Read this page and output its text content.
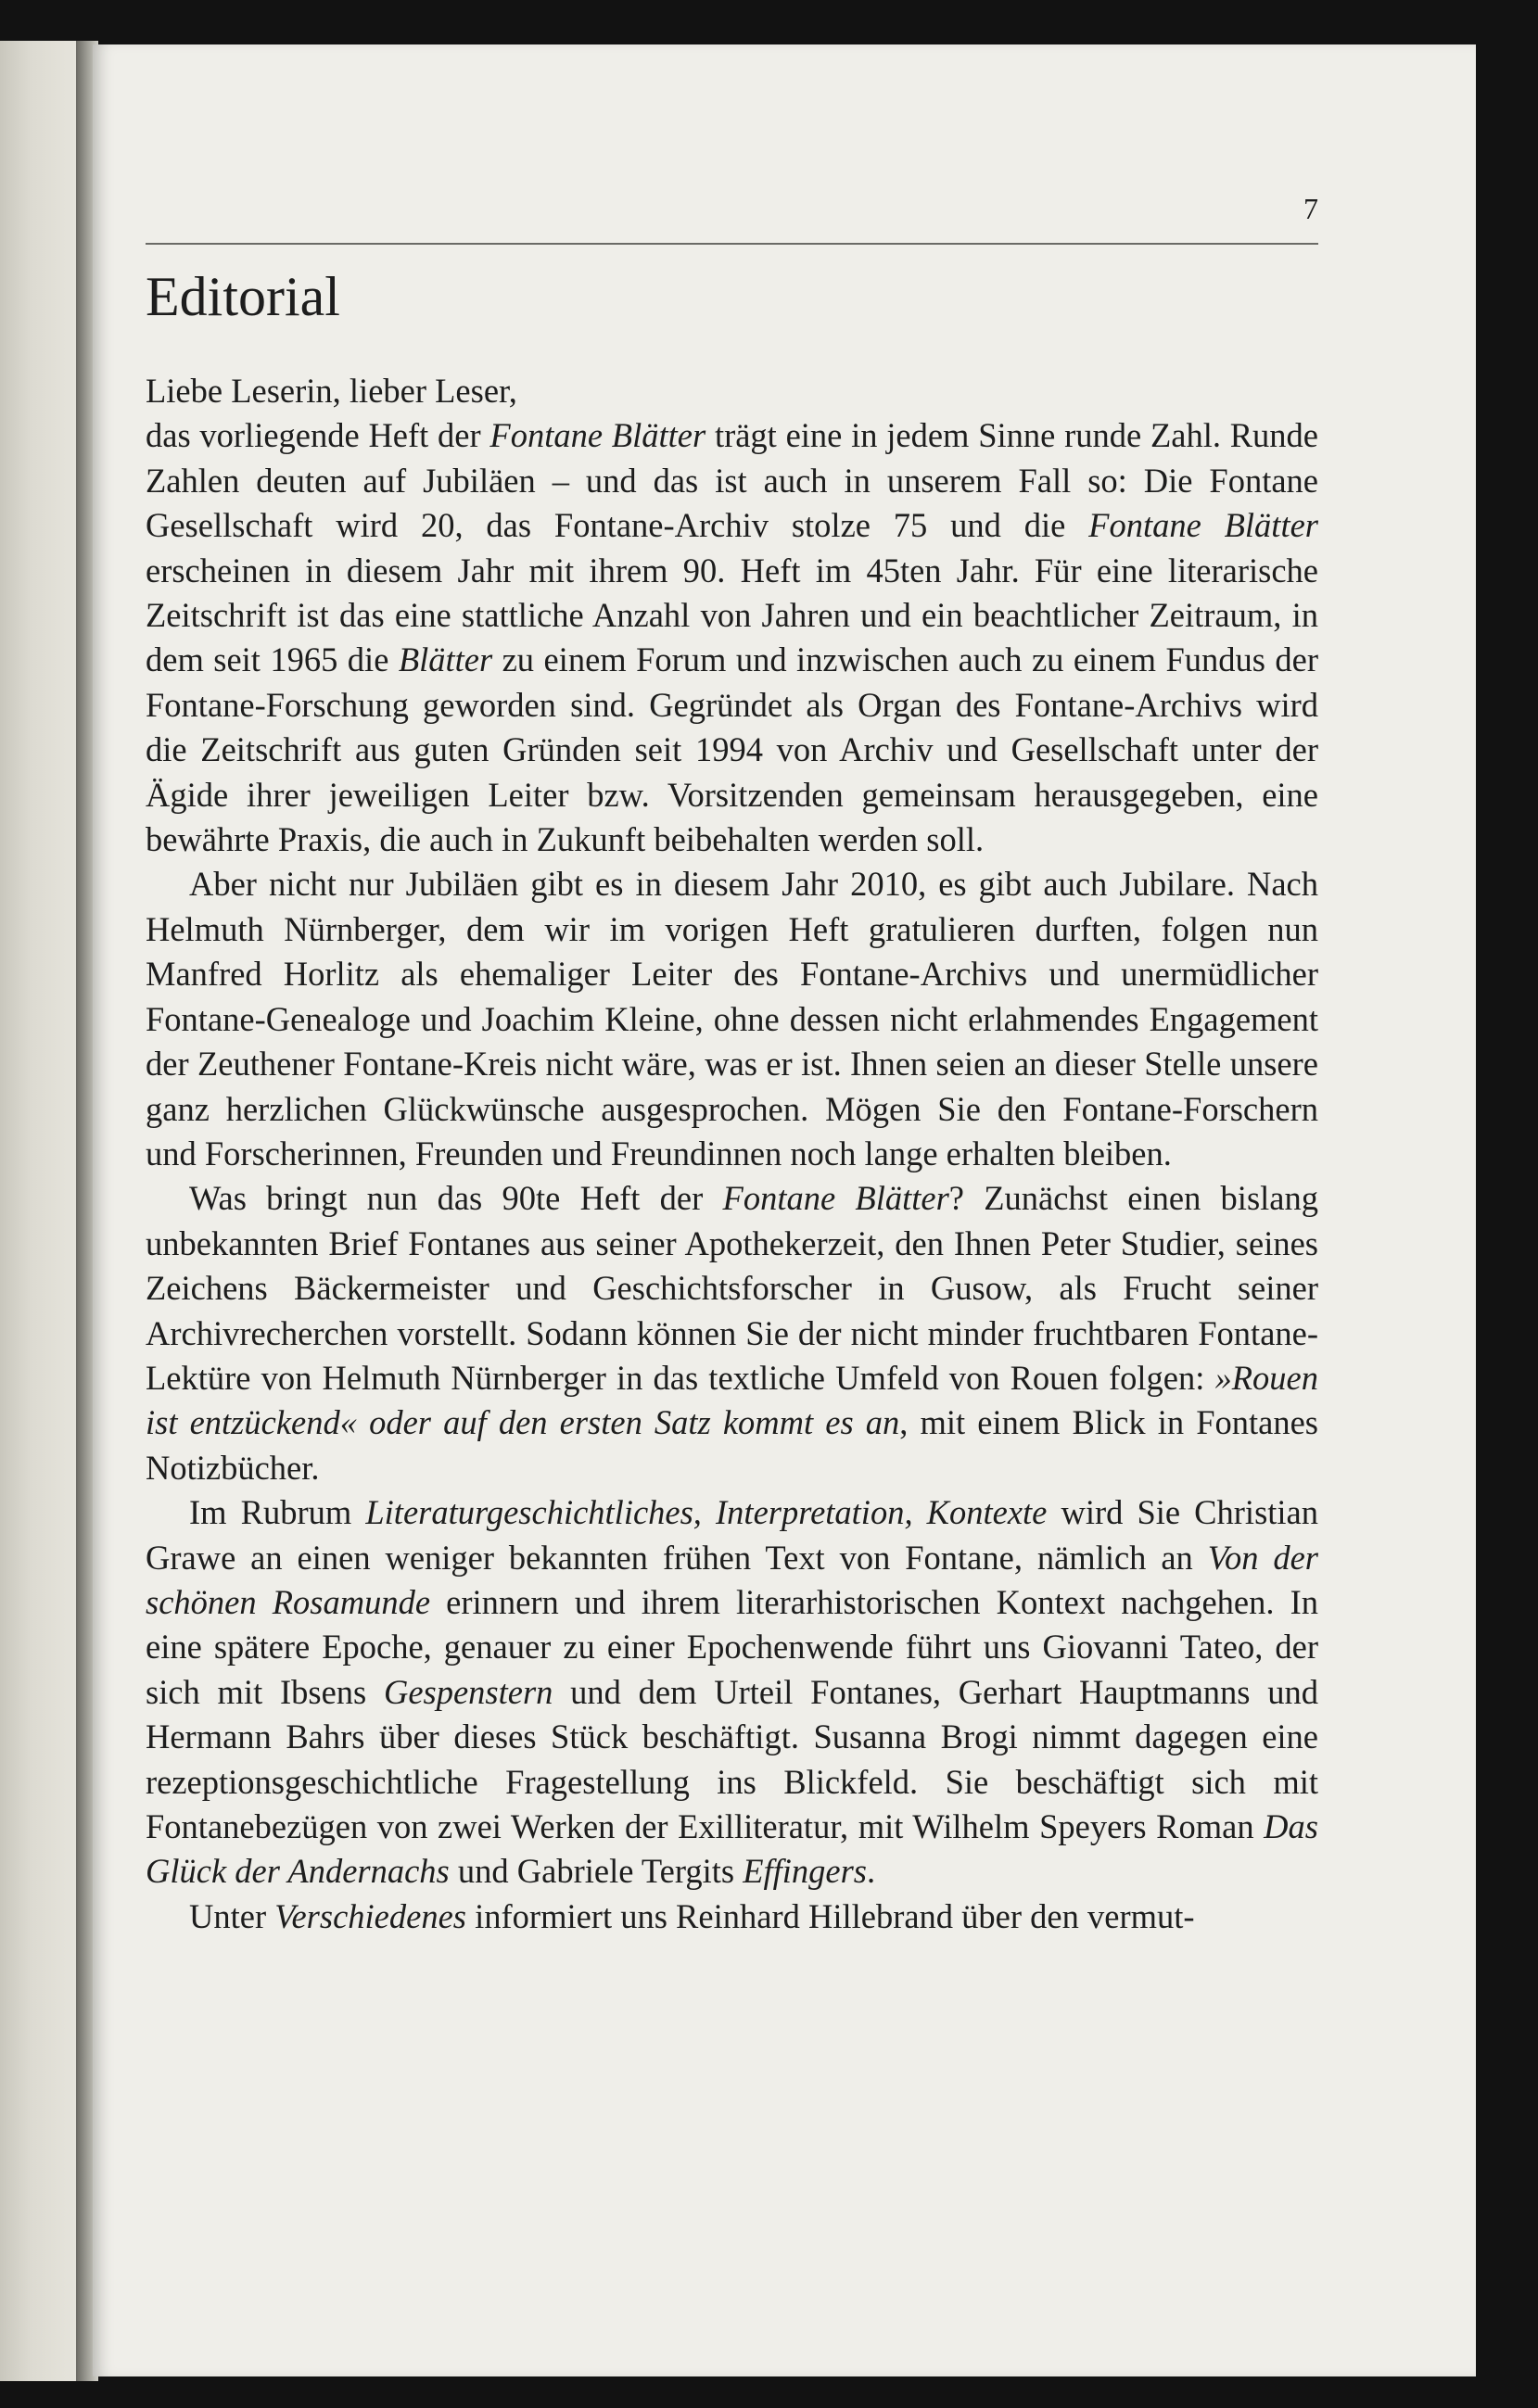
7
Editorial

Liebe Leserin, lieber Leser,

das vorliegende Heft der Fontane Blätter trägt eine in jedem Sinne runde Zahl. Runde Zahlen deuten auf Jubiläen – und das ist auch in unserem Fall so: Die Fontane Gesellschaft wird 20, das Fontane-Archiv stolze 75 und die Fontane Blätter erscheinen in diesem Jahr mit ihrem 90. Heft im 45ten Jahr. Für eine literarische Zeitschrift ist das eine stattliche Anzahl von Jahren und ein beachtlicher Zeitraum, in dem seit 1965 die Blätter zu einem Forum und inzwischen auch zu einem Fundus der Fontane-Forschung geworden sind. Gegründet als Organ des Fontane-Archivs wird die Zeitschrift aus guten Gründen seit 1994 von Archiv und Gesellschaft unter der Ägide ihrer jeweiligen Leiter bzw. Vorsitzenden gemeinsam herausgegeben, eine bewährte Praxis, die auch in Zukunft beibehalten werden soll.

Aber nicht nur Jubiläen gibt es in diesem Jahr 2010, es gibt auch Jubilare. Nach Helmuth Nürnberger, dem wir im vorigen Heft gratulieren durften, folgen nun Manfred Horlitz als ehemaliger Leiter des Fontane-Archivs und unermüdlicher Fontane-Genealoge und Joachim Kleine, ohne dessen nicht erlahmendes Engagement der Zeuthener Fontane-Kreis nicht wäre, was er ist. Ihnen seien an dieser Stelle unsere ganz herzlichen Glückwünsche ausgesprochen. Mögen Sie den Fontane-Forschern und Forscherinnen, Freunden und Freundinnen noch lange erhalten bleiben.

Was bringt nun das 90te Heft der Fontane Blätter? Zunächst einen bislang unbekannten Brief Fontanes aus seiner Apothekerzeit, den Ihnen Peter Studier, seines Zeichens Bäckermeister und Geschichtsforscher in Gusow, als Frucht seiner Archivrecherchen vorstellt. Sodann können Sie der nicht minder fruchtbaren Fontane-Lektüre von Helmuth Nürnberger in das textliche Umfeld von Rouen folgen: »Rouen ist entzückend« oder auf den ersten Satz kommt es an, mit einem Blick in Fontanes Notizbücher.

Im Rubrum Literaturgeschichtliches, Interpretation, Kontexte wird Sie Christian Grawe an einen weniger bekannten frühen Text von Fontane, nämlich an Von der schönen Rosamunde erinnern und ihrem literarhistorischen Kontext nachgehen. In eine spätere Epoche, genauer zu einer Epochenwende führt uns Giovanni Tateo, der sich mit Ibsens Gespenstern und dem Urteil Fontanes, Gerhart Hauptmanns und Hermann Bahrs über dieses Stück beschäftigt. Susanna Brogi nimmt dagegen eine rezeptionsgeschichtliche Fragestellung ins Blickfeld. Sie beschäftigt sich mit Fontanebezügen von zwei Werken der Exilliteratur, mit Wilhelm Speyers Roman Das Glück der Andernachs und Gabriele Tergits Effingers.

Unter Verschiedenes informiert uns Reinhard Hillebrand über den vermut-
